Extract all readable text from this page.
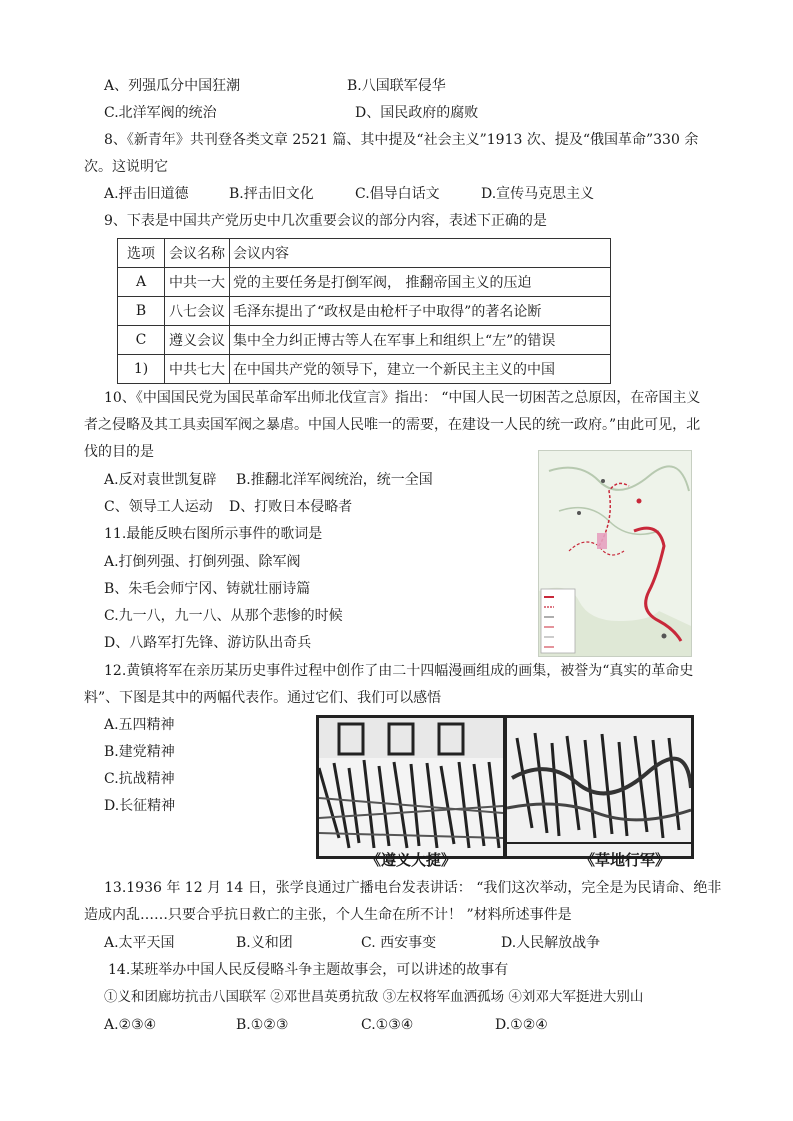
A、列强瓜分中国狂潮	B.八国联军侵华
C.北洋军阀的统治	D、国民政府的腐败
8、《新青年》共刊登各类文章 2521 篇、其中提及“社会主义”1913 次、提及“俄国革命”330 余
次。这说明它
A.抨击旧道德	B.抨击旧文化	C.倡导白话文	D.宣传马克思主义
9、下表是中国共产党历史中几次重要会议的部分内容，表述下正确的是
选项	会议名称	会议内容
A	中共一大	党的主要任务是打倒军阀， 推翻帝国主义的压迫
B	八七会议	毛泽东提出了“政权是由枪杆子中取得”的著名论断
C	遵义会议	集中全力纠正博古等人在军事上和组织上“左”的错误
1)	中共七大	在中国共产党的领导下，建立一个新民主主义的中国
10、《中国国民党为国民革命军出师北伐宣言》指出： “中国人民一切困苦之总原因，在帝国主义
者之侵略及其工具卖国军阀之暴虐。中国人民唯一的需要，在建设一人民的统一政府。”由此可见，北
伐的目的是
A.反对袁世凯复辟 B.推翻北洋军阀统治，统一全国
C、领导工人运动 D、打败日本侵略者
11.最能反映右图所示事件的歌词是
A.打倒列强、打倒列强、除军阀
B、朱毛会师宁冈、铸就壮丽诗篇
C.九一八，九一八、从那个悲惨的时候
D、八路军打先锋、游访队出奇兵
12.黄镇将军在亲历某历史事件过程中创作了由二十四幅漫画组成的画集，被誉为“真实的革命史
料”、下图是其中的两幅代表作。通过它们、我们可以感悟
A.五四精神
B.建党精神
C.抗战精神
D.长征精神
《遵义大捷》	《草地行军》
13.1936 年 12 月 14 日，张学良通过广播电台发表讲话： “我们这次举动，完全是为民请命、绝非
造成内乱……只要合乎抗日救亡的主张，个人生命在所不计！ ”材料所述事件是
A.太平天国	B.义和团	C. 西安事变	D.人民解放战争
14.某班举办中国人民反侵略斗争主题故事会，可以讲述的故事有
①义和团廊坊抗击八国联军 ②邓世昌英勇抗敌 ③左权将军血洒孤场 ④刘邓大军挺进大别山
A.②③④	B.①②③	C.①③④	D.①②④
